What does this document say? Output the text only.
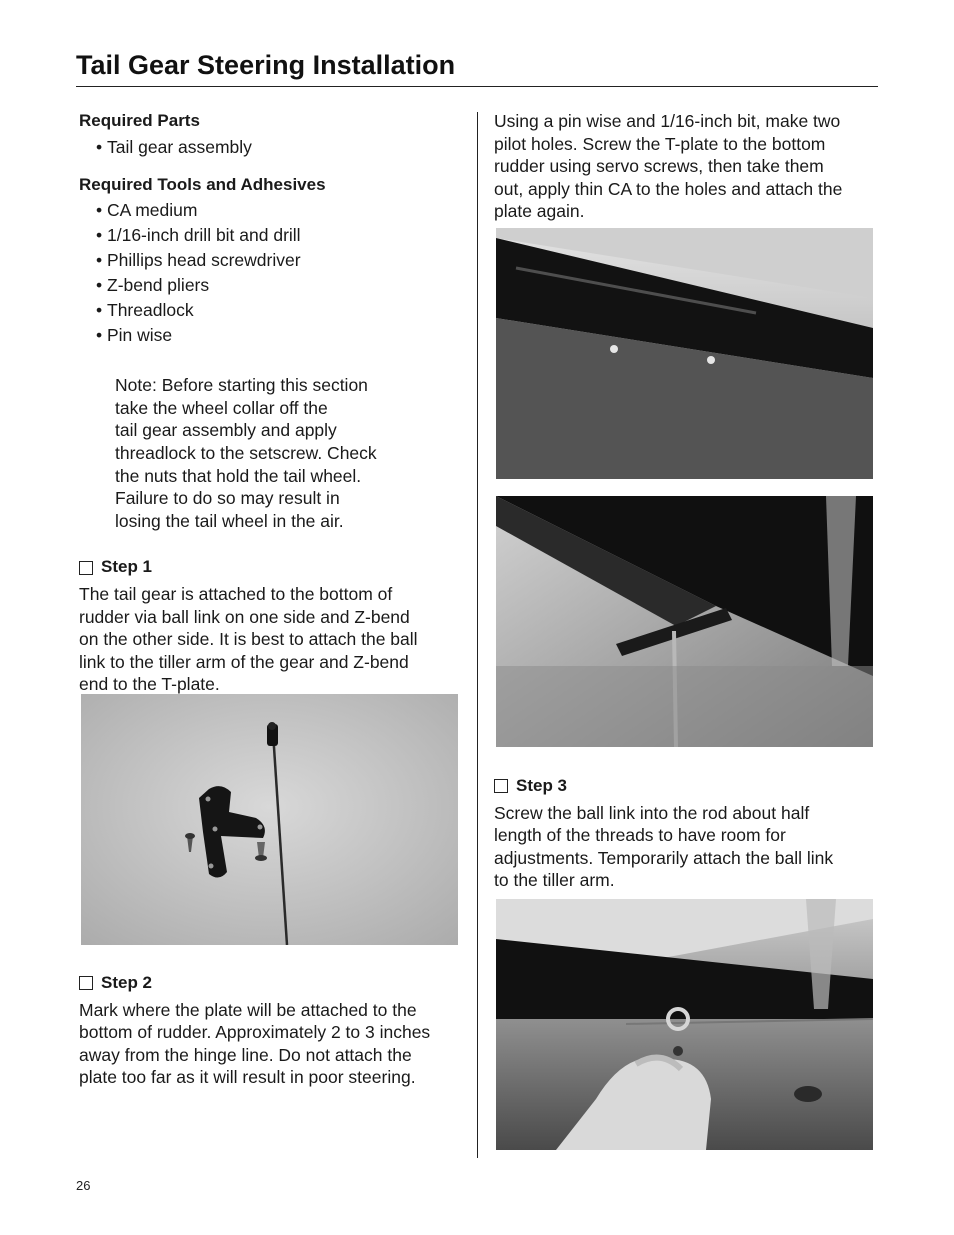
Tail Gear Steering Installation

Required Parts

• Tail gear assembly

Required Tools and Adhesives

• CA medium
• 1/16-inch drill bit and drill
• Phillips head screwdriver
• Z-bend pliers
• Threadlock
• Pin wise
Note: Before starting this section
take the wheel collar off the
tail gear assembly and apply
threadlock to the setscrew. Check
the nuts that hold the tail wheel.
Failure to do so may result in
losing the tail wheel in the air.
Step 1
The tail gear is attached to the bottom of
rudder via ball link on one side and Z-bend
on the other side. It is best to attach the ball
link to the tiller arm of the gear and Z-bend
end to the T-plate.
Step 2
Mark where the plate will be attached to the
bottom of rudder. Approximately 2 to 3 inches
away from the hinge line. Do not attach the
plate too far as it will result in poor steering.
Using a pin wise and 1/16-inch bit, make two
pilot holes. Screw the T-plate to the bottom
rudder using servo screws, then take them
out, apply thin CA to the holes and attach the
plate again.
Step 3
Screw the ball link into the rod about half
length of the threads to have room for
adjustments. Temporarily attach the ball link
to the tiller arm.
26
